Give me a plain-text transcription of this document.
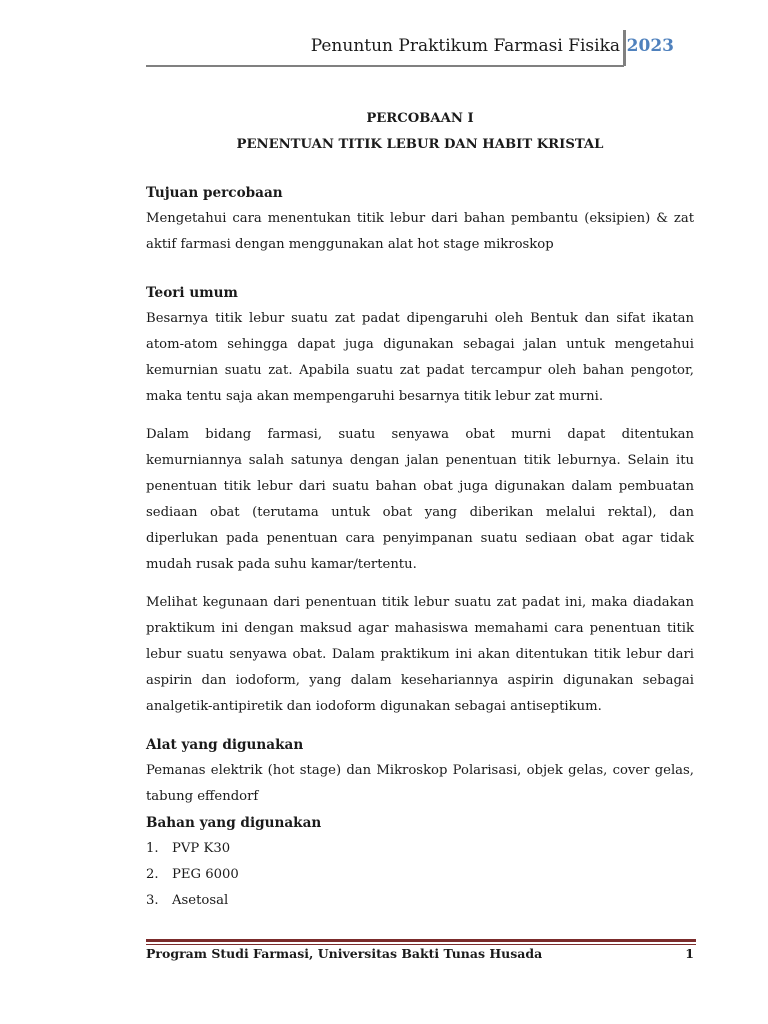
Penuntun Praktikum Farmasi Fisika 2023
PERCOBAAN I
PENENTUAN TITIK LEBUR DAN HABIT KRISTAL
Tujuan percobaan

Mengetahui cara menentukan titik lebur dari bahan pembantu (eksipien) & zat aktif farmasi dengan menggunakan alat hot stage mikroskop

Teori umum

Besarnya titik lebur suatu zat padat dipengaruhi oleh Bentuk dan sifat ikatan atom-atom sehingga dapat juga digunakan sebagai jalan untuk mengetahui kemurnian suatu zat. Apabila suatu zat padat tercampur oleh bahan pengotor, maka tentu saja akan mempengaruhi besarnya titik lebur zat murni.

Dalam bidang farmasi, suatu senyawa obat murni dapat ditentukan kemurniannya salah satunya dengan jalan penentuan titik leburnya. Selain itu penentuan titik lebur dari suatu bahan obat juga digunakan dalam pembuatan sediaan obat (terutama untuk obat yang diberikan melalui rektal), dan diperlukan pada penentuan cara penyimpanan suatu sediaan obat agar tidak mudah rusak pada suhu kamar/tertentu.

Melihat kegunaan dari penentuan titik lebur suatu zat padat ini, maka diadakan praktikum ini dengan maksud agar mahasiswa memahami cara penentuan titik lebur suatu senyawa obat. Dalam praktikum ini akan ditentukan titik lebur dari aspirin dan iodoform, yang dalam kesehariannya aspirin digunakan sebagai analgetik-antipiretik dan iodoform digunakan sebagai antiseptikum.

Alat yang digunakan

Pemanas elektrik (hot stage) dan Mikroskop Polarisasi, objek gelas, cover gelas, tabung effendorf

Bahan yang digunakan
1.	PVP K30
2.	PEG 6000
3.	Asetosal
Program Studi Farmasi, Universitas Bakti Tunas Husada	1
